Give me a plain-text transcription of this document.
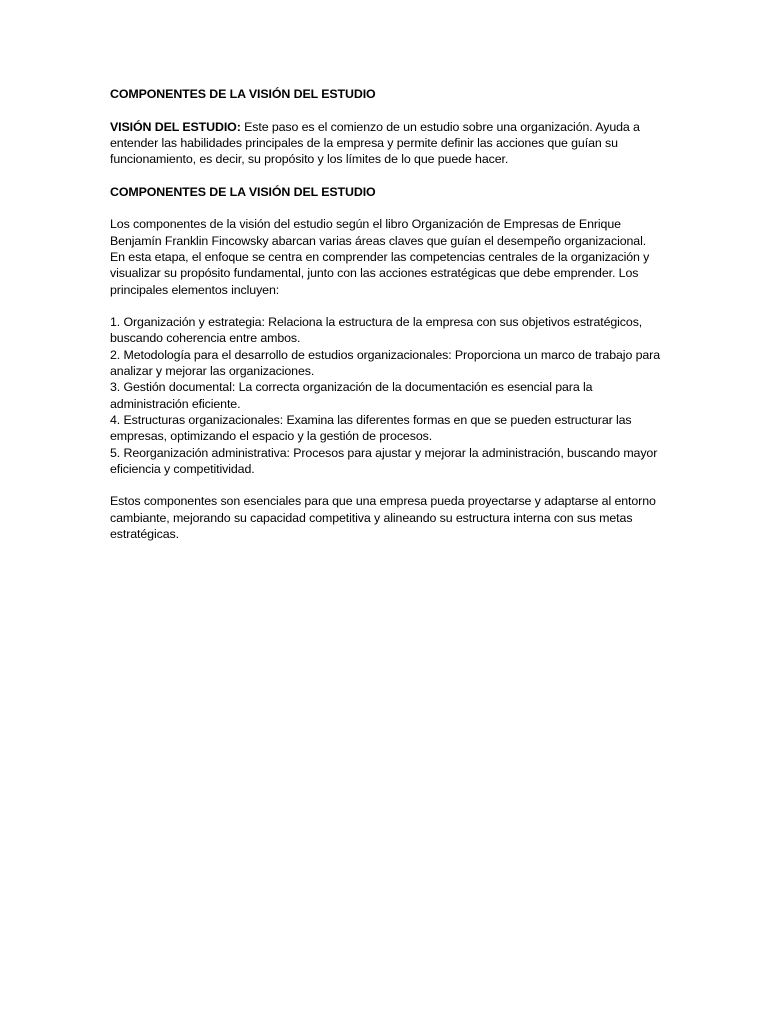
COMPONENTES DE LA VISIÓN DEL ESTUDIO

VISIÓN DEL ESTUDIO: Este paso es el comienzo de un estudio sobre una organización. Ayuda a entender las habilidades principales de la empresa y permite definir las acciones que guían su funcionamiento, es decir, su propósito y los límites de lo que puede hacer.

COMPONENTES DE LA VISIÓN DEL ESTUDIO

Los componentes de la visión del estudio según el libro Organización de Empresas de Enrique Benjamín Franklin Fincowsky abarcan varias áreas claves que guían el desempeño organizacional. En esta etapa, el enfoque se centra en comprender las competencias centrales de la organización y visualizar su propósito fundamental, junto con las acciones estratégicas que debe emprender. Los principales elementos incluyen:

1. Organización y estrategia: Relaciona la estructura de la empresa con sus objetivos estratégicos, buscando coherencia entre ambos.

2. Metodología para el desarrollo de estudios organizacionales: Proporciona un marco de trabajo para analizar y mejorar las organizaciones.

3. Gestión documental: La correcta organización de la documentación es esencial para la administración eficiente.

4. Estructuras organizacionales: Examina las diferentes formas en que se pueden estructurar las empresas, optimizando el espacio y la gestión de procesos.

5. Reorganización administrativa: Procesos para ajustar y mejorar la administración, buscando mayor eficiencia y competitividad.

Estos componentes son esenciales para que una empresa pueda proyectarse y adaptarse al entorno cambiante, mejorando su capacidad competitiva y alineando su estructura interna con sus metas estratégicas.
